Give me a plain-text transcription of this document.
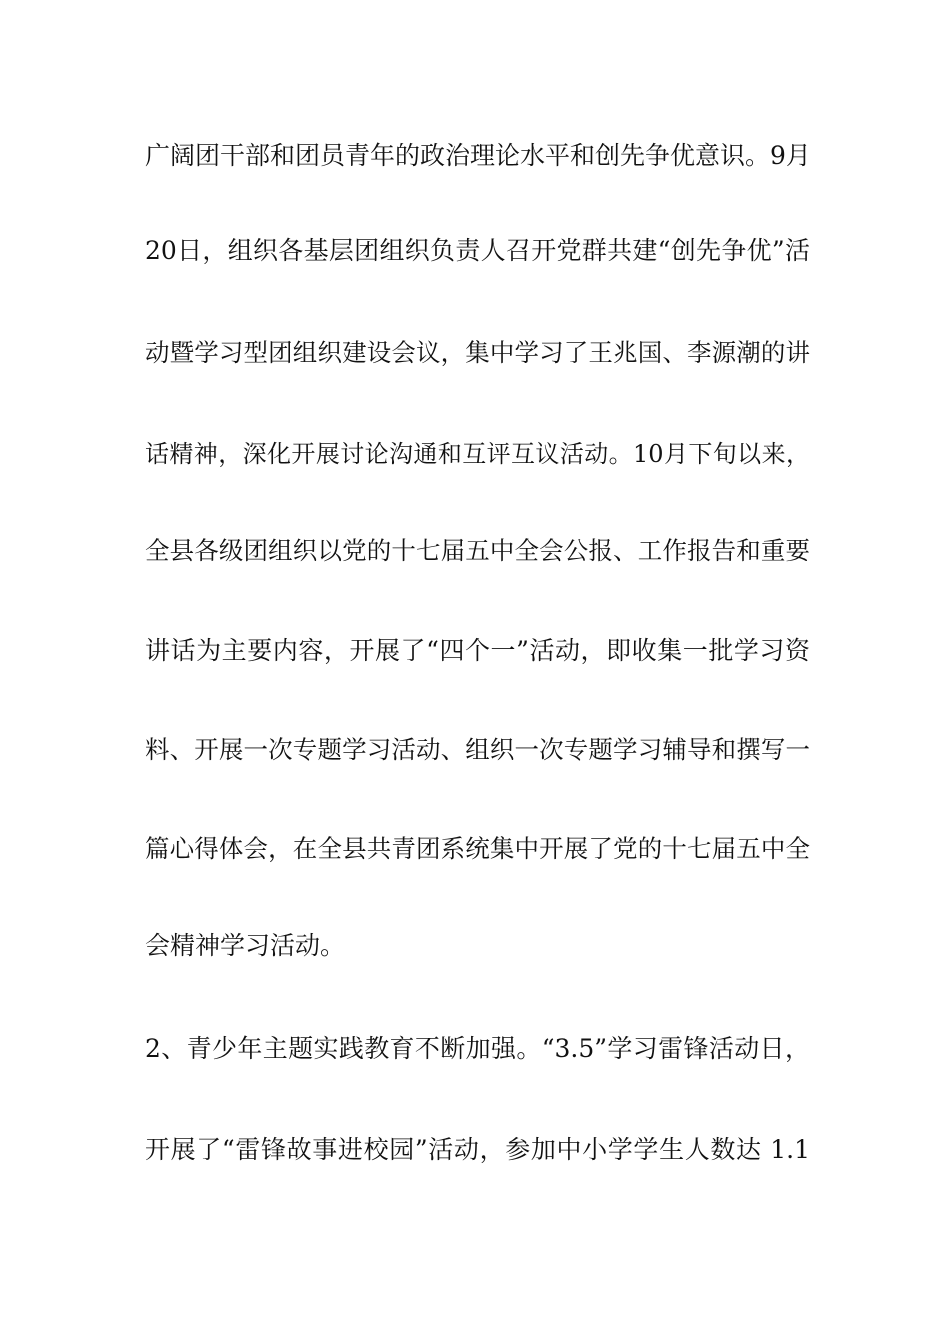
广阔团干部和团员青年的政治理论水平和创先争优意识。9月
20日，组织各基层团组织负责人召开党群共建“创先争优”活
动暨学习型团组织建设会议，集中学习了王兆国、李源潮的讲
话精神，深化开展讨论沟通和互评互议活动。10月下旬以来，
全县各级团组织以党的十七届五中全会公报、工作报告和重要
讲话为主要内容，开展了“四个一”活动，即收集一批学习资
料、开展一次专题学习活动、组织一次专题学习辅导和撰写一
篇心得体会，在全县共青团系统集中开展了党的十七届五中全
会精神学习活动。
2、青少年主题实践教育不断加强。“3.5”学习雷锋活动日，
开展了“雷锋故事进校园”活动，参加中小学学生人数达 1.1
